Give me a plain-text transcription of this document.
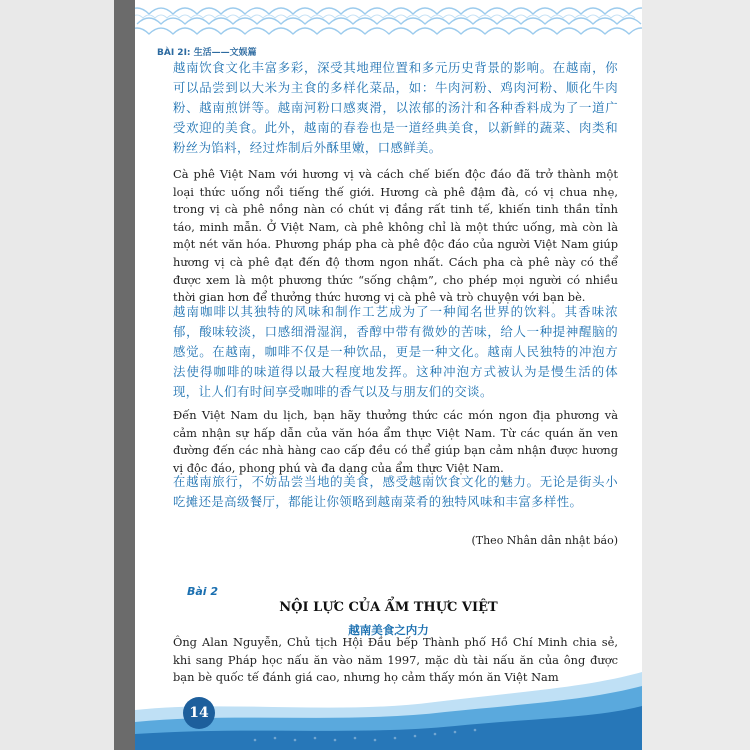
BÀI 2I: 生活——文娱篇

越南饮食文化丰富多彩，深受其地理位置和多元历史背景的影响。在越南，你可以品尝到以大米为主食的多样化菜品，如：牛肉河粉、鸡肉河粉、顺化牛肉粉、越南煎饼等。越南河粉口感爽滑，以浓郁的汤汁和各种香料成为了一道广受欢迎的美食。此外，越南的春卷也是一道经典美食，以新鲜的蔬菜、肉类和粉丝为馅料，经过炸制后外酥里嫩，口感鲜美。

Cà phê Việt Nam với hương vị và cách chế biến độc đáo đã trở thành một loại thức uống nổi tiếng thế giới. Hương cà phê đậm đà, có vị chua nhẹ, trong vị cà phê nồng nàn có chút vị đắng rất tinh tế, khiến tinh thần tỉnh táo, minh mẫn. Ở Việt Nam, cà phê không chỉ là một thức uống, mà còn là một nét văn hóa. Phương pháp pha cà phê độc đáo của người Việt Nam giúp hương vị cà phê đạt đến độ thơm ngon nhất. Cách pha cà phê này có thể được xem là một phương thức “sống chậm”, cho phép mọi người có nhiều thời gian hơn để thưởng thức hương vị cà phê và trò chuyện với bạn bè.

越南咖啡以其独特的风味和制作工艺成为了一种闻名世界的饮料。其香味浓郁，酸味较淡，口感细滑湿润，香醇中带有微妙的苦味，给人一种提神醒脑的感觉。在越南，咖啡不仅是一种饮品，更是一种文化。越南人民独特的冲泡方法使得咖啡的味道得以最大程度地发挥。这种冲泡方式被认为是慢生活的体现，让人们有时间享受咖啡的香气以及与朋友们的交谈。

Đến Việt Nam du lịch, bạn hãy thưởng thức các món ngon địa phương và cảm nhận sự hấp dẫn của văn hóa ẩm thực Việt Nam. Từ các quán ăn ven đường đến các nhà hàng cao cấp đều có thể giúp bạn cảm nhận được hương vị độc đáo, phong phú và đa dạng của ẩm thực Việt Nam.

在越南旅行，不妨品尝当地的美食，感受越南饮食文化的魅力。无论是街头小吃摊还是高级餐厅，都能让你领略到越南菜肴的独特风味和丰富多样性。

(Theo Nhân dân nhật báo)
Bài 2
NỘI LỰC CỦA ẨM THỰC VIỆT
越南美食之内力

Ông Alan Nguyễn, Chủ tịch Hội Đầu bếp Thành phố Hồ Chí Minh chia sẻ, khi sang Pháp học nấu ăn vào năm 1997, mặc dù tài nấu ăn của ông được bạn bè quốc tế đánh giá cao, nhưng họ cảm thấy món ăn Việt Nam

14
